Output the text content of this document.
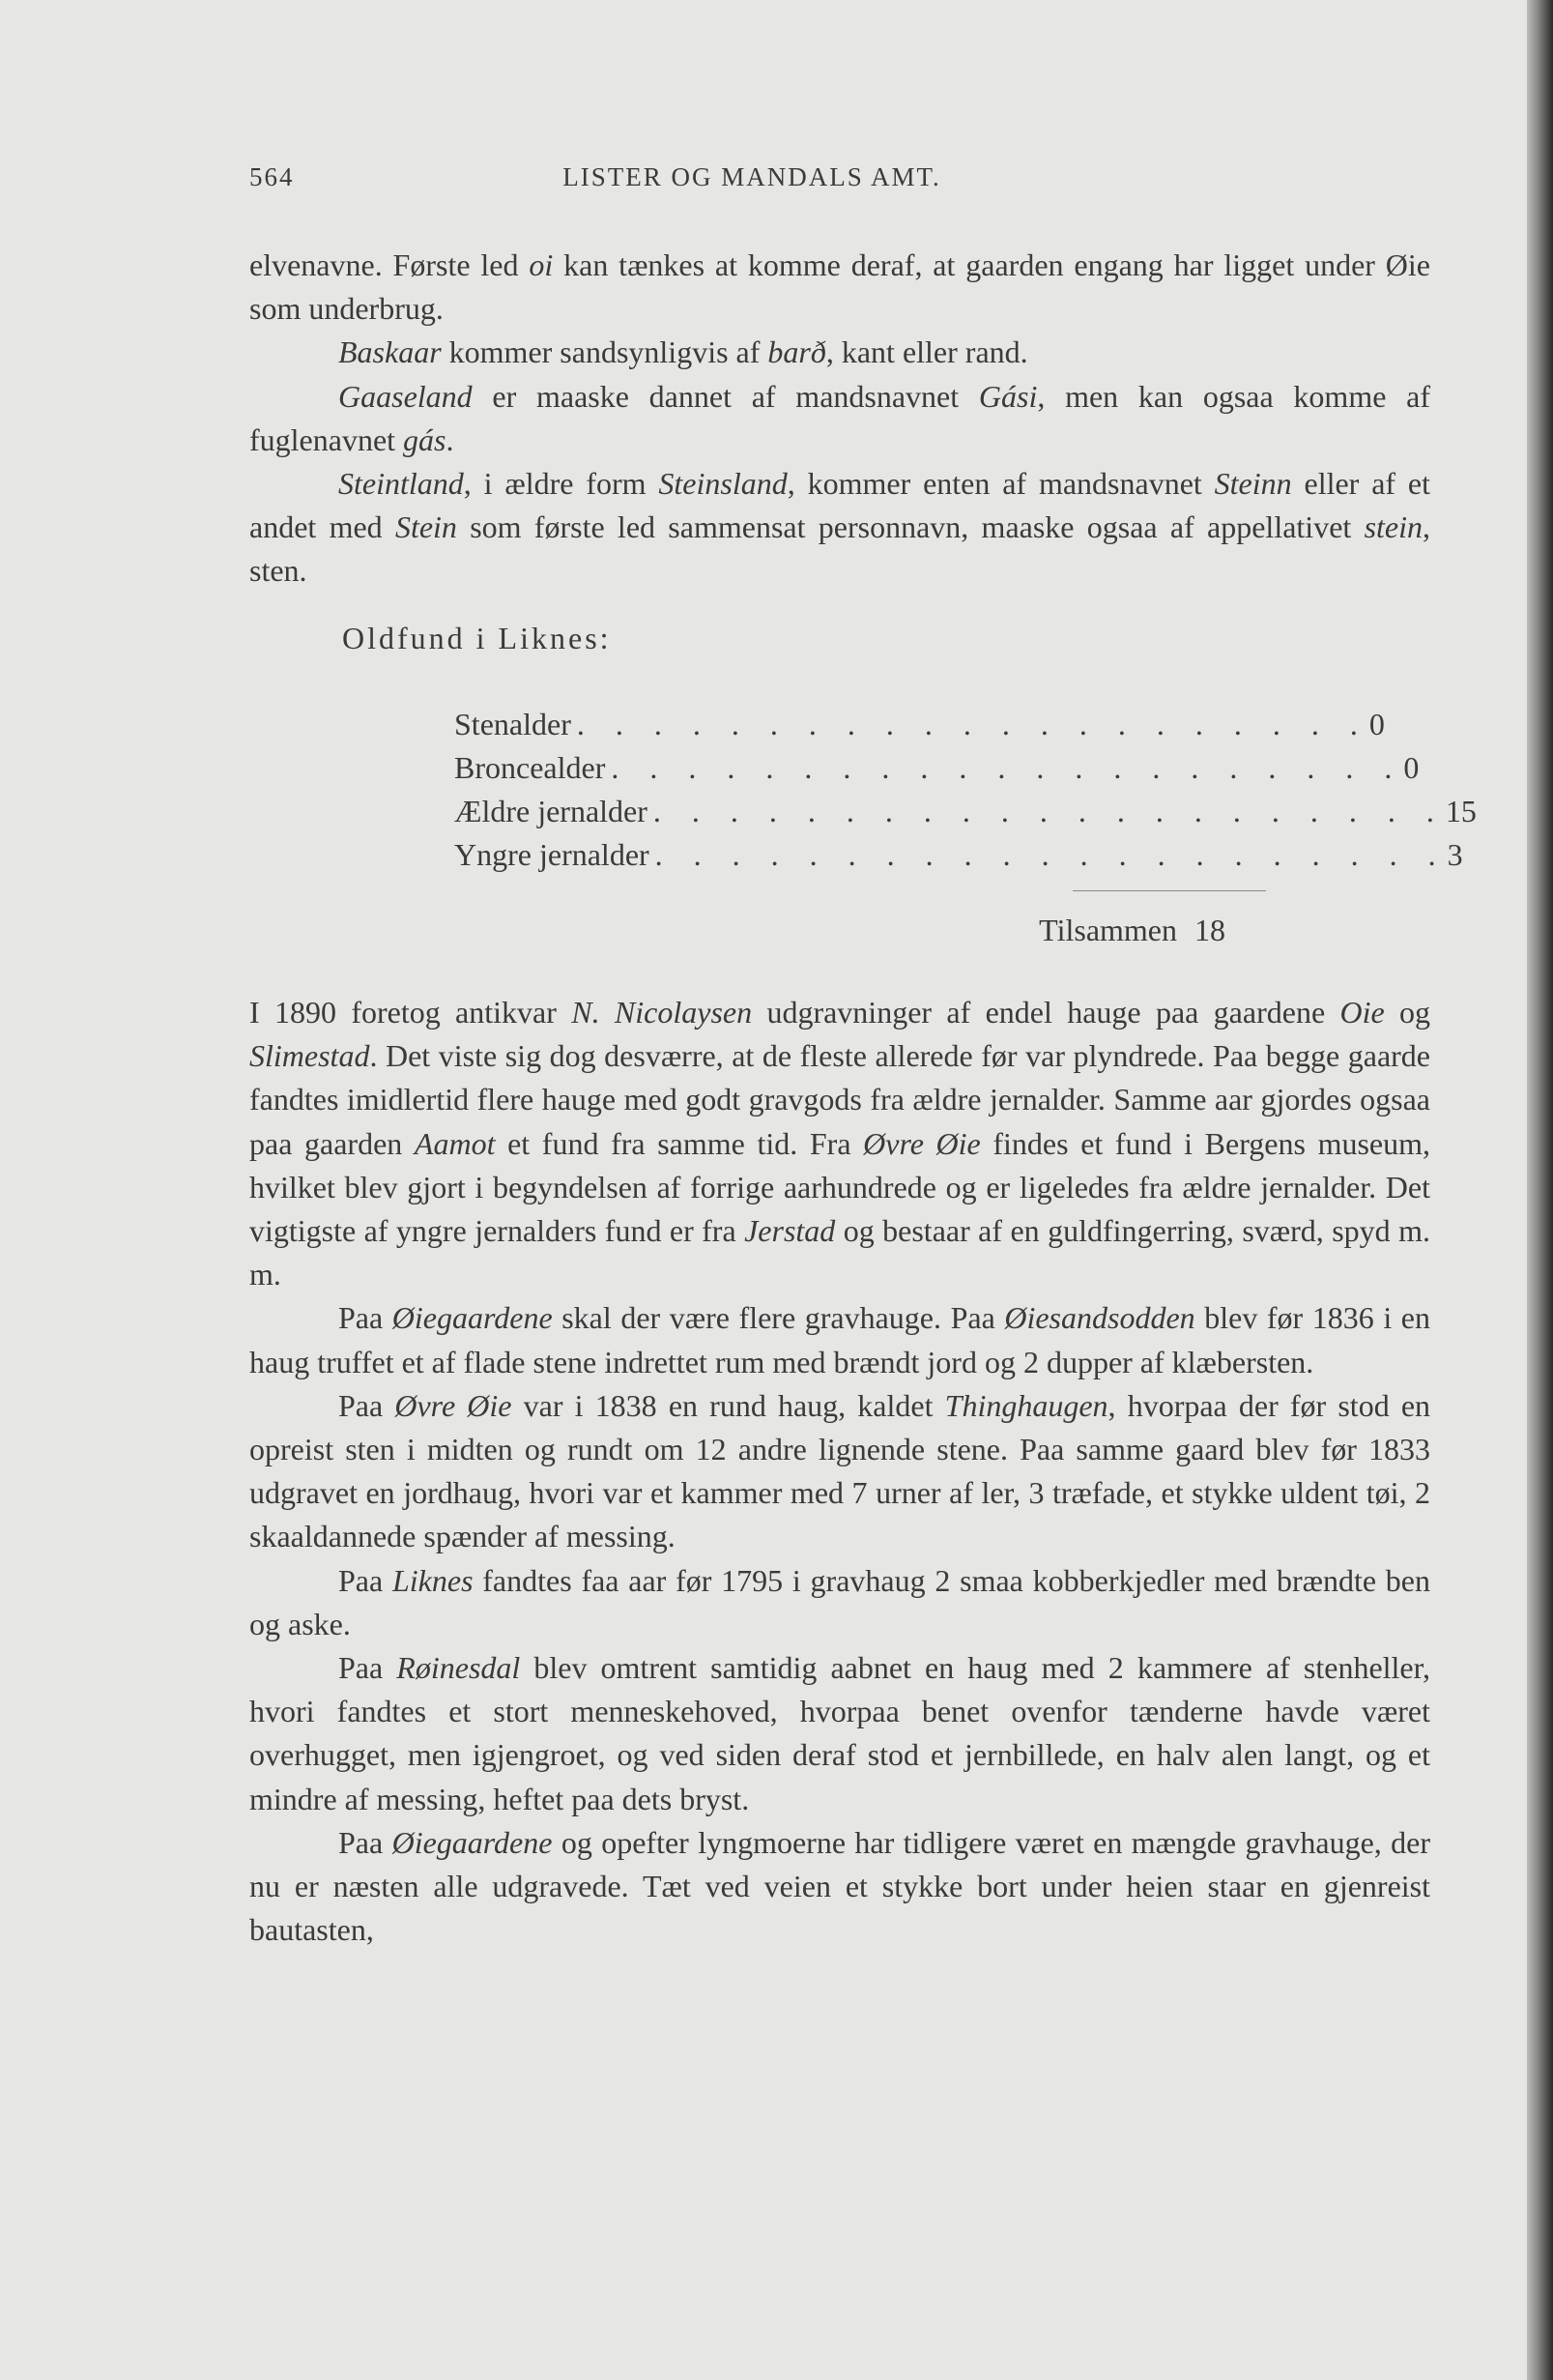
564	LISTER OG MANDALS AMT.

elvenavne. Første led oi kan tænkes at komme deraf, at gaarden engang har ligget under Øie som underbrug.

Baskaar kommer sandsynligvis af barð, kant eller rand.

Gaaseland er maaske dannet af mandsnavnet Gási, men kan ogsaa komme af fuglenavnet gás.

Steintland, i ældre form Steinsland, kommer enten af mandsnavnet Steinn eller af et andet med Stein som første led sammensat personnavn, maaske ogsaa af appellativet stein, sten.

Oldfund i Liknes:
Stenalder . . . . . . . . . . . . . . . . . . . . . 0
Broncealder . . . . . . . . . . . . . . . . . . . . . 0
Ældre jernalder . . . . . . . . . . . . . . . . . . . . . 15
Yngre jernalder . . . . . . . . . . . . . . . . . . . . . 3
Tilsammen 18

I 1890 foretog antikvar N. Nicolaysen udgravninger af endel hauge paa gaardene Oie og Slimestad. Det viste sig dog desværre, at de fleste allerede før var plyndrede. Paa begge gaarde fandtes imidlertid flere hauge med godt gravgods fra ældre jernalder. Samme aar gjordes ogsaa paa gaarden Aamot et fund fra samme tid. Fra Øvre Øie findes et fund i Bergens museum, hvilket blev gjort i begyndelsen af forrige aarhundrede og er ligeledes fra ældre jernalder. Det vigtigste af yngre jernalders fund er fra Jerstad og bestaar af en guldfingerring, sværd, spyd m. m.

Paa Øiegaardene skal der være flere gravhauge. Paa Øiesandsodden blev før 1836 i en haug truffet et af flade stene indrettet rum med brændt jord og 2 dupper af klæbersten.

Paa Øvre Øie var i 1838 en rund haug, kaldet Thinghaugen, hvorpaa der før stod en opreist sten i midten og rundt om 12 andre lignende stene. Paa samme gaard blev før 1833 udgravet en jordhaug, hvori var et kammer med 7 urner af ler, 3 træfade, et stykke uldent tøi, 2 skaaldannede spænder af messing.

Paa Liknes fandtes faa aar før 1795 i gravhaug 2 smaa kobberkjedler med brændte ben og aske.

Paa Røinesdal blev omtrent samtidig aabnet en haug med 2 kammere af stenheller, hvori fandtes et stort menneskehoved, hvorpaa benet ovenfor tænderne havde været overhugget, men igjengroet, og ved siden deraf stod et jernbillede, en halv alen langt, og et mindre af messing, heftet paa dets bryst.

Paa Øiegaardene og opefter lyngmoerne har tidligere været en mængde gravhauge, der nu er næsten alle udgravede. Tæt ved veien et stykke bort under heien staar en gjenreist bautasten,
